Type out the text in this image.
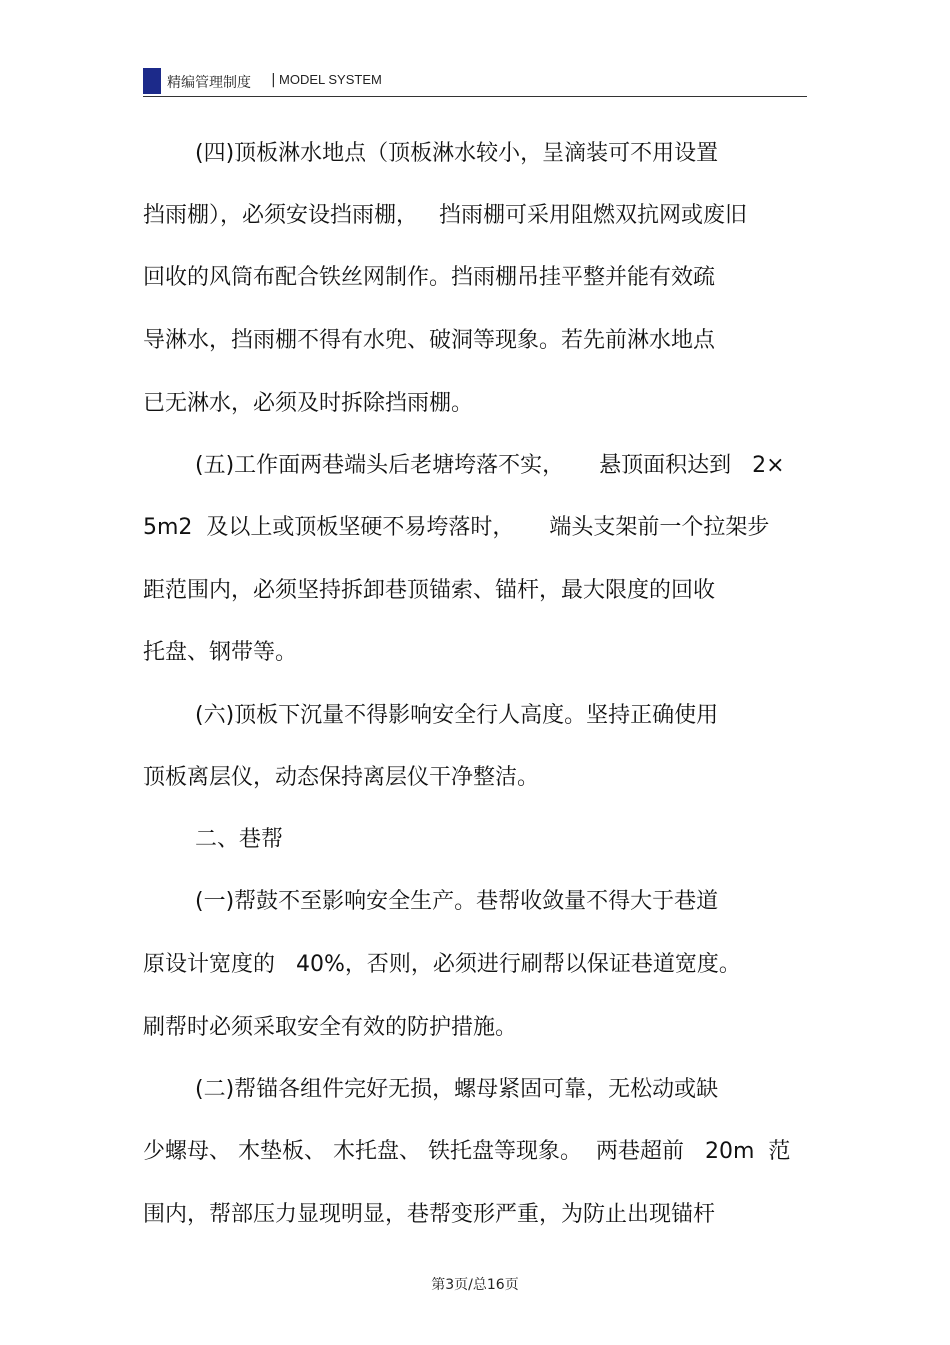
精编管理制度 | MODEL SYSTEM
(四)顶板淋水地点（顶板淋水较小，呈滴装可不用设置
挡雨棚），必须安设挡雨棚，   挡雨棚可采用阻燃双抗网或废旧
回收的风筒布配合铁丝网制作。挡雨棚吊挂平整并能有效疏
导淋水，挡雨棚不得有水兜、破洞等现象。若先前淋水地点
已无淋水，必须及时拆除挡雨棚。
(五)工作面两巷端头后老塘垮落不实，     悬顶面积达到   2×
5m2  及以上或顶板坚硬不易垮落时，     端头支架前一个拉架步
距范围内，必须坚持拆卸巷顶锚索、锚杆，最大限度的回收
托盘、钢带等。
(六)顶板下沉量不得影响安全行人高度。坚持正确使用
顶板离层仪，动态保持离层仪干净整洁。
二、巷帮
(一)帮鼓不至影响安全生产。巷帮收敛量不得大于巷道
原设计宽度的   40%，否则，必须进行刷帮以保证巷道宽度。
刷帮时必须采取安全有效的防护措施。
(二)帮锚各组件完好无损，螺母紧固可靠，无松动或缺
少螺母、 木垫板、 木托盘、 铁托盘等现象。  两巷超前   20m  范
围内，帮部压力显现明显，巷帮变形严重，为防止出现锚杆
第3页/总16页
